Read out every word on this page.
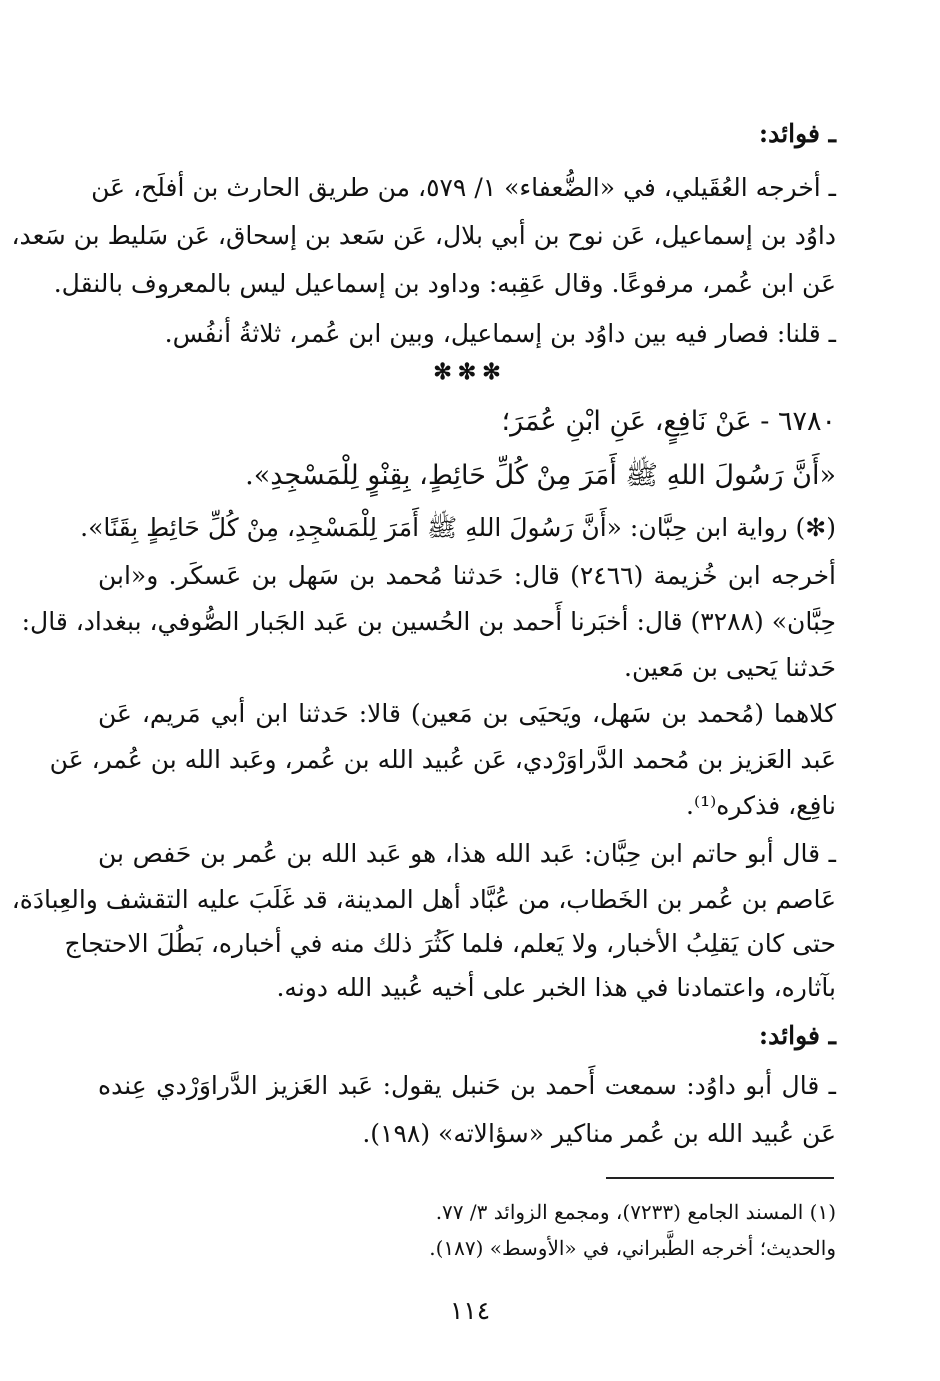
ـ فوائد:
ـ أخرجه العُقَيلي، في «الضُّعفاء» ١/ ٥٧٩، من طريق الحارث بن أفلَح، عَن
داوُد بن إسماعيل، عَن نوح بن أبي بلال، عَن سَعد بن إسحاق، عَن سَليط بن سَعد،
عَن ابن عُمر، مرفوعًا. وقال عَقِبه: وداود بن إسماعيل ليس بالمعروف بالنقل.
ـ قلنا: فصار فيه بين داوُد بن إسماعيل، وبين ابن عُمر، ثلاثةُ أنفُس.
✻✻✻
٦٧٨٠ - عَنْ نَافِعٍ، عَنِ ابْنِ عُمَرَ؛
«أَنَّ رَسُولَ اللهِ ﷺ أَمَرَ مِنْ كُلِّ حَائِطٍ، بِقِنْوٍ لِلْمَسْجِدِ».
(✻) رواية ابن حِبَّان: «أَنَّ رَسُولَ اللهِ ﷺ أَمَرَ لِلْمَسْجِدِ، مِنْ كُلِّ حَائِطٍ بِقَنًا».
أخرجه ابن خُزيمة (٢٤٦٦) قال: حَدثنا مُحمد بن سَهل بن عَسكَر. و«ابن
حِبَّان» (٣٢٨٨) قال: أخبَرنا أَحمد بن الحُسين بن عَبد الجَبار الصُّوفي، ببغداد، قال:
حَدثنا يَحيى بن مَعين.
كلاهما (مُحمد بن سَهل، ويَحيَى بن مَعين) قالا: حَدثنا ابن أبي مَريم، عَن
عَبد العَزيز بن مُحمد الدَّراوَرْدي، عَن عُبيد الله بن عُمر، وعَبد الله بن عُمر، عَن
نافِع، فذكره⁽¹⁾.
ـ قال أبو حاتم ابن حِبَّان: عَبد الله هذا، هو عَبد الله بن عُمر بن حَفص بن
عَاصم بن عُمر بن الخَطاب، من عُبَّاد أهل المدينة، قد غَلَبَ عليه التقشف والعِبادَة،
حتى كان يَقلِبُ الأخبار، ولا يَعلم، فلما كَثُرَ ذلك منه في أخباره، بَطُلَ الاحتجاج
بآثاره، واعتمادنا في هذا الخبر على أخيه عُبيد الله دونه.
ـ فوائد:
ـ قال أبو داوُد: سمعت أَحمد بن حَنبل يقول: عَبد العَزيز الدَّراوَرْدي عِنده
عَن عُبيد الله بن عُمر مناكير «سؤالاته» (١٩٨).
(١) المسند الجامع (٧٢٣٣)، ومجمع الزوائد ٣/ ٧٧.
والحديث؛ أخرجه الطَّبراني، في «الأوسط» (١٨٧).
١١٤
